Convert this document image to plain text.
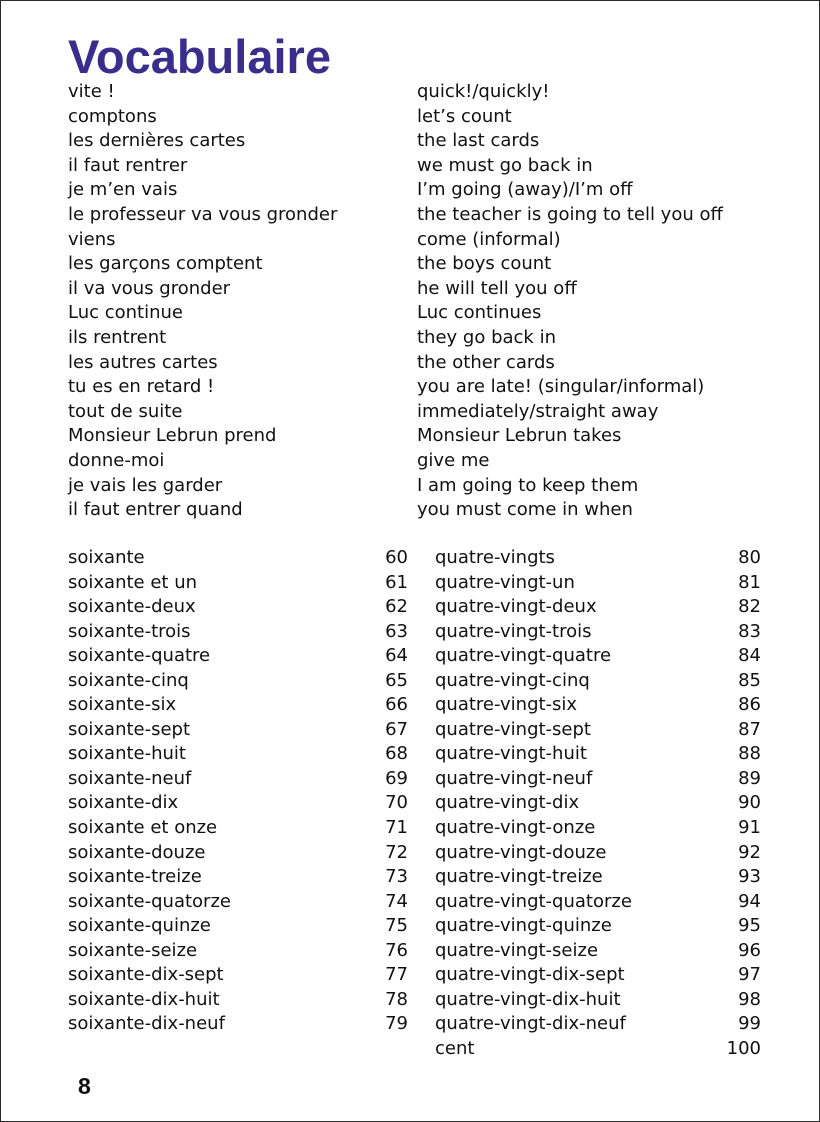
Vocabulaire
vite !	quick!/quickly!
comptons	let’s count
les dernières cartes	the last cards
il faut rentrer	we must go back in
je m’en vais	I’m going (away)/I’m off
le professeur va vous gronder	the teacher is going to tell you off
viens	come (informal)
les garçons comptent	the boys count
il va vous gronder	he will tell you off
Luc continue	Luc continues
ils rentrent	they go back in
les autres cartes	the other cards
tu es en retard !	you are late! (singular/informal)
tout de suite	immediately/straight away
Monsieur Lebrun prend	Monsieur Lebrun takes
donne-moi	give me
je vais les garder	I am going to keep them
il faut entrer quand	you must come in when
soixante	60
soixante et un	61
soixante-deux	62
soixante-trois	63
soixante-quatre	64
soixante-cinq	65
soixante-six	66
soixante-sept	67
soixante-huit	68
soixante-neuf	69
soixante-dix	70
soixante et onze	71
soixante-douze	72
soixante-treize	73
soixante-quatorze	74
soixante-quinze	75
soixante-seize	76
soixante-dix-sept	77
soixante-dix-huit	78
soixante-dix-neuf	79
quatre-vingts	80
quatre-vingt-un	81
quatre-vingt-deux	82
quatre-vingt-trois	83
quatre-vingt-quatre	84
quatre-vingt-cinq	85
quatre-vingt-six	86
quatre-vingt-sept	87
quatre-vingt-huit	88
quatre-vingt-neuf	89
quatre-vingt-dix	90
quatre-vingt-onze	91
quatre-vingt-douze	92
quatre-vingt-treize	93
quatre-vingt-quatorze	94
quatre-vingt-quinze	95
quatre-vingt-seize	96
quatre-vingt-dix-sept	97
quatre-vingt-dix-huit	98
quatre-vingt-dix-neuf	99
cent	100
8
